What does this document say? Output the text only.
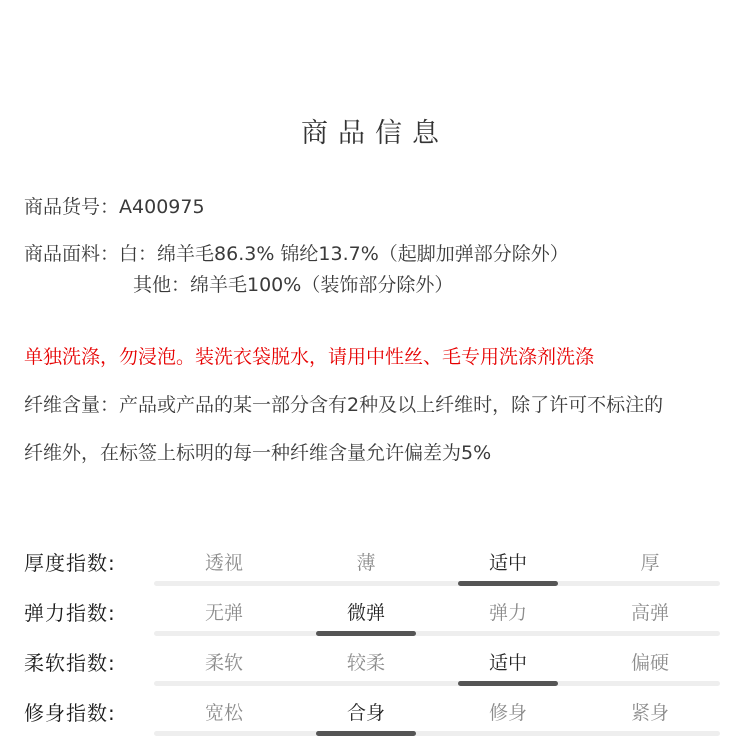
商品信息
商品货号：A400975
商品面料：白：绵羊毛86.3% 锦纶13.7%（起脚加弹部分除外）
其他：绵羊毛100%（装饰部分除外）
单独洗涤，勿浸泡。装洗衣袋脱水，请用中性丝、毛专用洗涤剂洗涤
纤维含量：产品或产品的某一部分含有2种及以上纤维时，除了许可不标注的
纤维外，在标签上标明的每一种纤维含量允许偏差为5%
厚度指数:	透视	薄	适中	厚
弹力指数:	无弹	微弹	弹力	高弹
柔软指数:	柔软	较柔	适中	偏硬
修身指数:	宽松	合身	修身	紧身
